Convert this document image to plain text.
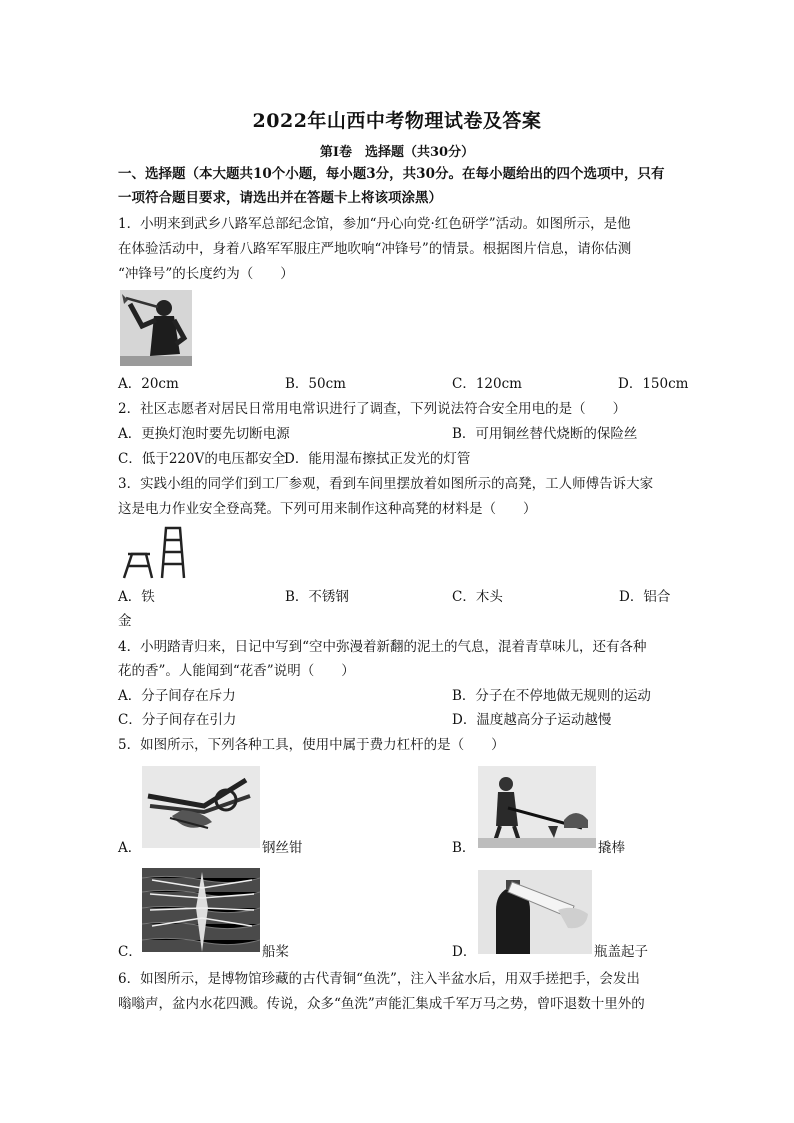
2022年山西中考物理试卷及答案
第Ⅰ卷　选择题（共30分）
一、选择题（本大题共10个小题，每小题3分，共30分。在每小题给出的四个选项中，只有
一项符合题目要求，请选出并在答题卡上将该项涂黑）
1．小明来到武乡八路军总部纪念馆，参加“丹心向党·红色研学”活动。如图所示，是他
在体验活动中，身着八路军军服庄严地吹响“冲锋号”的情景。根据图片信息，请你估测
“冲锋号”的长度约为（　　）
A．20cm	B．50cm	C．120cm	D．150cm
2．社区志愿者对居民日常用电常识进行了调查，下列说法符合安全用电的是（　　）
A．更换灯泡时要先切断电源	B．可用铜丝替代烧断的保险丝
C．低于220V的电压都安全
D．能用湿布擦拭正发光的灯管
3．实践小组的同学们到工厂参观，看到车间里摆放着如图所示的高凳，工人师傅告诉大家
这是电力作业安全登高凳。下列可用来制作这种高凳的材料是（　　）
A．铁	B．不锈钢	C．木头	D．铝合
金
4．小明踏青归来，日记中写到“空中弥漫着新翻的泥土的气息，混着青草味儿，还有各种
花的香”。人能闻到“花香”说明（　　）
A．分子间存在斥力	B．分子在不停地做无规则的运动
C．分子间存在引力	D．温度越高分子运动越慢
5．如图所示，下列各种工具，使用中属于费力杠杆的是（　　）
A．	钢丝钳	B．	撬棒
C．	船桨	D．	瓶盖起子
6．如图所示，是博物馆珍藏的古代青铜“鱼洗”，注入半盆水后，用双手搓把手，会发出
嗡嗡声，盆内水花四溅。传说，众多“鱼洗”声能汇集成千军万马之势，曾吓退数十里外的
